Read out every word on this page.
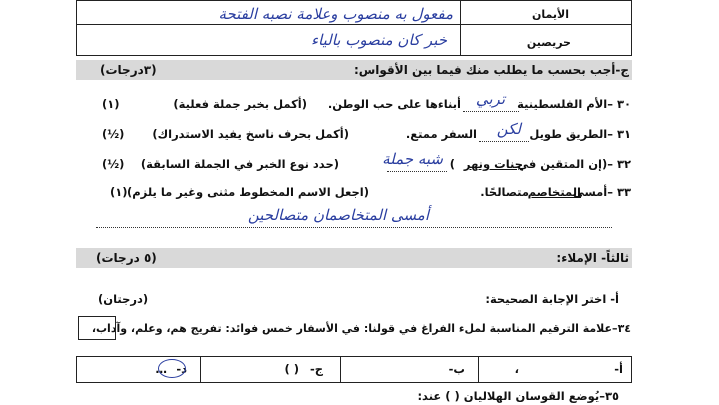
الأيمان
مفعول به منصوب وعلامة نصبه الفتحة
حريصين
خبر كان منصوب بالياء
ج-أجب بحسب ما يطلب منك فيما بين الأقواس:
(٣درجات)
٣٠
–الأم الفلسطينية
تربي
أبناءها على حب الوطن.
(أكمل بخبر جملة فعلية)
(١)
٣١
–الطريق طويل
لكن
السفر ممتع.
(أكمل بحرف ناسخ يفيد الاستدراك)
(½)
٣٢
–(إن المتقين في
جنات ونهر
)
شبه جملة
(حدد نوع الخبر في الجملة السابقة)
(½)
٣٣
–أمسى
المتخاصم
متصالحًا.
(اجعل الاسم المخطوط مثنى وغير ما يلزم)
(١)
أمسى المتخاصمان متصالحين
ثالثاً- الإملاء:
(٥ درجات)
أ- اختر الإجابة الصحيحة:
(درجتان)
٣٤–علامة الترقيم المناسبة لملء الفراغ في قولنا: في الأسفار خمس فوائد: تفريج هم، وعلم، وآداب،
أ-
،
ب-
ج-
( )
د-
…
٣٥–يُوضع القوسان الهلاليان ( ) عند:
